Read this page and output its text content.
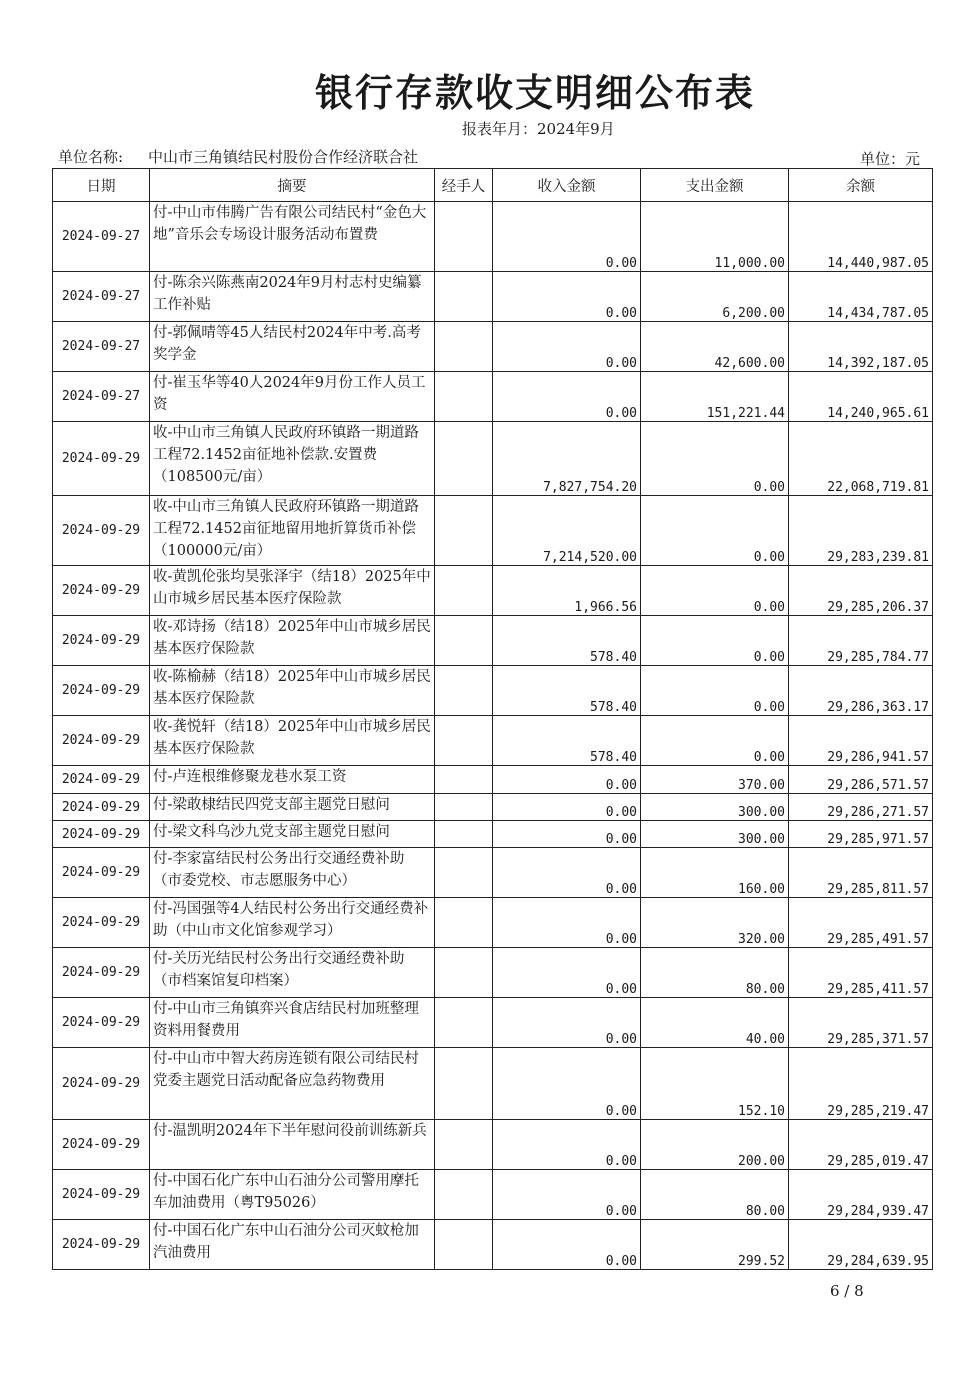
银行存款收支明细公布表
报表年月：2024年9月
单位名称: 中山市三角镇结民村股份合作经济联合社	单位：元
日期	摘要	经手人	收入金额	支出金额	余额
2024-09-27	付-中山市伟腾广告有限公司结民村“金色大地”音乐会专场设计服务活动布置费		0.00	11,000.00	14,440,987.05
2024-09-27	付-陈余兴陈燕南2024年9月村志村史编纂工作补贴		0.00	6,200.00	14,434,787.05
2024-09-27	付-郭佩晴等45人结民村2024年中考.高考奖学金		0.00	42,600.00	14,392,187.05
2024-09-27	付-崔玉华等40人2024年9月份工作人员工资		0.00	151,221.44	14,240,965.61
2024-09-29	收-中山市三角镇人民政府环镇路一期道路工程72.1452亩征地补偿款.安置费（108500元/亩）		7,827,754.20	0.00	22,068,719.81
2024-09-29	收-中山市三角镇人民政府环镇路一期道路工程72.1452亩征地留用地折算货币补偿（100000元/亩）		7,214,520.00	0.00	29,283,239.81
2024-09-29	收-黄凯伦张均昊张泽宇（结18）2025年中山市城乡居民基本医疗保险款		1,966.56	0.00	29,285,206.37
2024-09-29	收-邓诗扬（结18）2025年中山市城乡居民基本医疗保险款		578.40	0.00	29,285,784.77
2024-09-29	收-陈榆赫（结18）2025年中山市城乡居民基本医疗保险款		578.40	0.00	29,286,363.17
2024-09-29	收-龚悦轩（结18）2025年中山市城乡居民基本医疗保险款		578.40	0.00	29,286,941.57
2024-09-29	付-卢连根维修聚龙巷水泵工资		0.00	370.00	29,286,571.57
2024-09-29	付-梁敢棣结民四党支部主题党日慰问		0.00	300.00	29,286,271.57
2024-09-29	付-梁文科乌沙九党支部主题党日慰问		0.00	300.00	29,285,971.57
2024-09-29	付-李家富结民村公务出行交通经费补助（市委党校、市志愿服务中心）		0.00	160.00	29,285,811.57
2024-09-29	付-冯国强等4人结民村公务出行交通经费补助（中山市文化馆参观学习）		0.00	320.00	29,285,491.57
2024-09-29	付-关历光结民村公务出行交通经费补助（市档案馆复印档案）		0.00	80.00	29,285,411.57
2024-09-29	付-中山市三角镇弈兴食店结民村加班整理资料用餐费用		0.00	40.00	29,285,371.57
2024-09-29	付-中山市中智大药房连锁有限公司结民村党委主题党日活动配备应急药物费用		0.00	152.10	29,285,219.47
2024-09-29	付-温凯明2024年下半年慰问役前训练新兵		0.00	200.00	29,285,019.47
2024-09-29	付-中国石化广东中山石油分公司警用摩托车加油费用（粤T95026）		0.00	80.00	29,284,939.47
2024-09-29	付-中国石化广东中山石油分公司灭蚊枪加汽油费用		0.00	299.52	29,284,639.95
6 / 8
